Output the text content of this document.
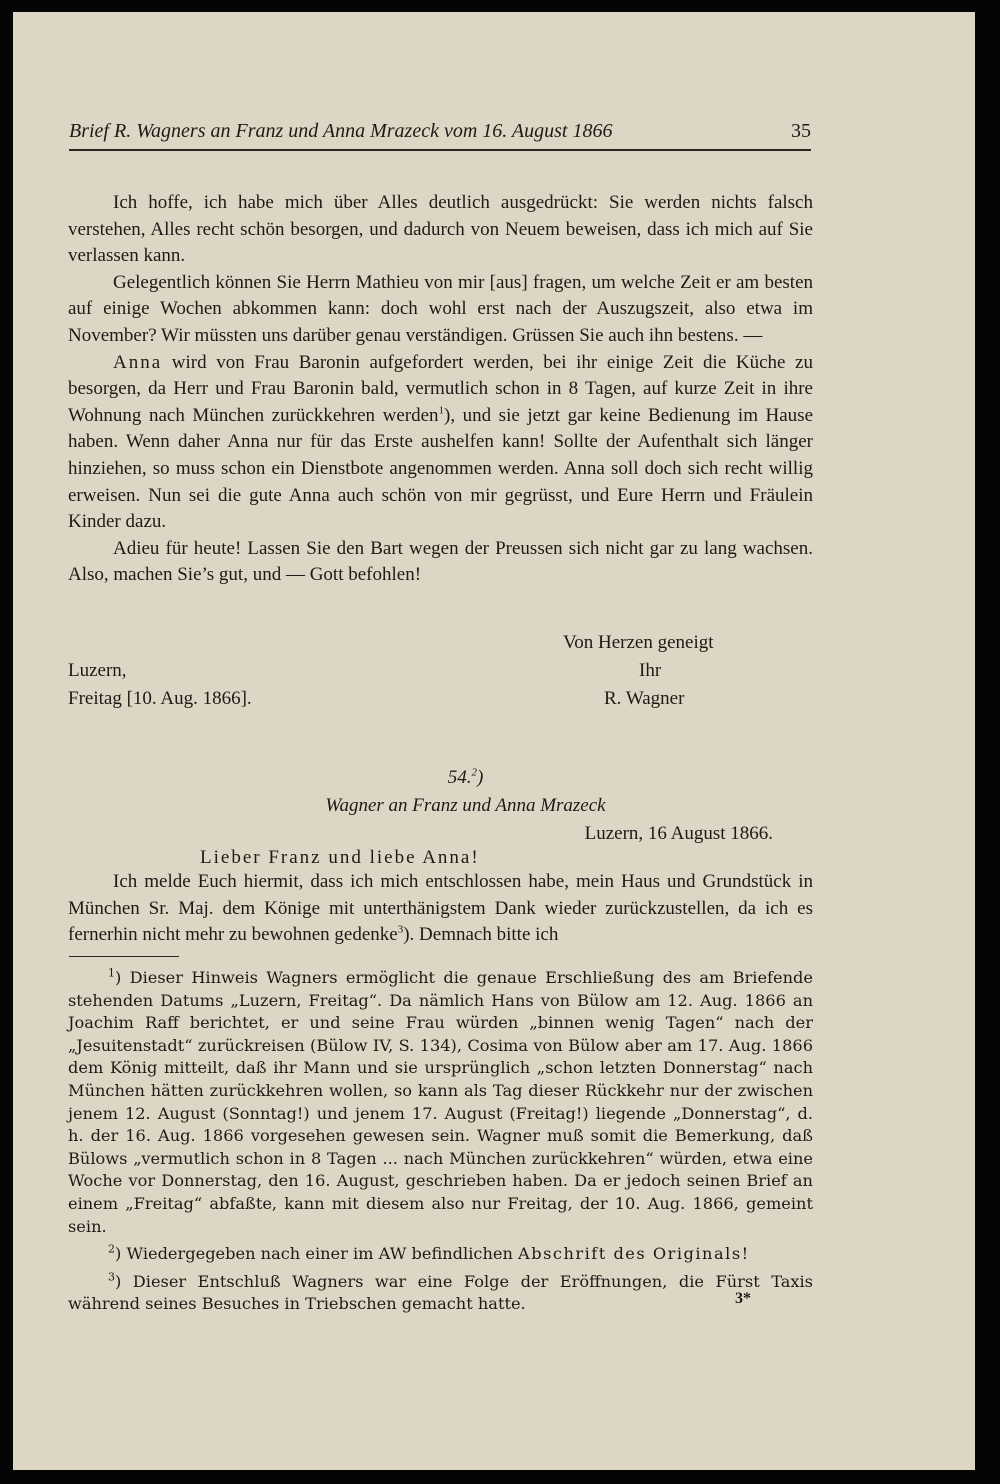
Brief R. Wagners an Franz und Anna Mrazeck vom 16. August 1866	35

Ich hoffe, ich habe mich über Alles deutlich ausgedrückt: Sie werden nichts falsch verstehen, Alles recht schön besorgen, und dadurch von Neuem beweisen, dass ich mich auf Sie verlassen kann.

Gelegentlich können Sie Herrn Mathieu von mir [aus] fragen, um welche Zeit er am besten auf einige Wochen abkommen kann: doch wohl erst nach der Auszugszeit, also etwa im November? Wir müssten uns darüber genau verständigen. Grüssen Sie auch ihn bestens. —

Anna wird von Frau Baronin aufgefordert werden, bei ihr einige Zeit die Küche zu besorgen, da Herr und Frau Baronin bald, vermutlich schon in 8 Tagen, auf kurze Zeit in ihre Wohnung nach München zurückkehren werden$^1$), und sie jetzt gar keine Bedienung im Hause haben. Wenn daher Anna nur für das Erste aushelfen kann! Sollte der Aufenthalt sich länger hinziehen, so muss schon ein Dienstbote angenommen werden. Anna soll doch sich recht willig erweisen. Nun sei die gute Anna auch schön von mir gegrüsst, und Eure Herrn und Fräulein Kinder dazu.

Adieu für heute! Lassen Sie den Bart wegen der Preussen sich nicht gar zu lang wachsen. Also, machen Sie’s gut, und — Gott befohlen!

Von Herzen geneigt
Luzern,	Ihr
Freitag [10. Aug. 1866].	R. Wagner
54.$^2$)
Wagner an Franz und Anna Mrazeck
Luzern, 16 August 1866.
Lieber Franz und liebe Anna!

Ich melde Euch hiermit, dass ich mich entschlossen habe, mein Haus und Grundstück in München Sr. Maj. dem Könige mit unterthänigstem Dank wieder zurückzustellen, da ich es fernerhin nicht mehr zu bewohnen gedenke$^3$). Demnach bitte ich

$^1$) Dieser Hinweis Wagners ermöglicht die genaue Erschließung des am Briefende stehenden Datums „Luzern, Freitag“. Da nämlich Hans von Bülow am 12. Aug. 1866 an Joachim Raff berichtet, er und seine Frau würden „binnen wenig Tagen“ nach der „Jesuitenstadt“ zurückreisen (Bülow IV, S. 134), Cosima von Bülow aber am 17. Aug. 1866 dem König mitteilt, daß ihr Mann und sie ursprünglich „schon letzten Donnerstag“ nach München hätten zurückkehren wollen, so kann als Tag dieser Rückkehr nur der zwischen jenem 12. August (Sonntag!) und jenem 17. August (Freitag!) liegende „Donnerstag“, d. h. der 16. Aug. 1866 vorgesehen gewesen sein. Wagner muß somit die Bemerkung, daß Bülows „vermutlich schon in 8 Tagen ... nach München zurückkehren“ würden, etwa eine Woche vor Donnerstag, den 16. August, geschrieben haben. Da er jedoch seinen Brief an einem „Freitag“ abfaßte, kann mit diesem also nur Freitag, der 10. Aug. 1866, gemeint sein.

$^2$) Wiedergegeben nach einer im AW befindlichen Abschrift des Originals!

$^3$) Dieser Entschluß Wagners war eine Folge der Eröffnungen, die Fürst Taxis während seines Besuches in Triebschen gemacht hatte.	3*
